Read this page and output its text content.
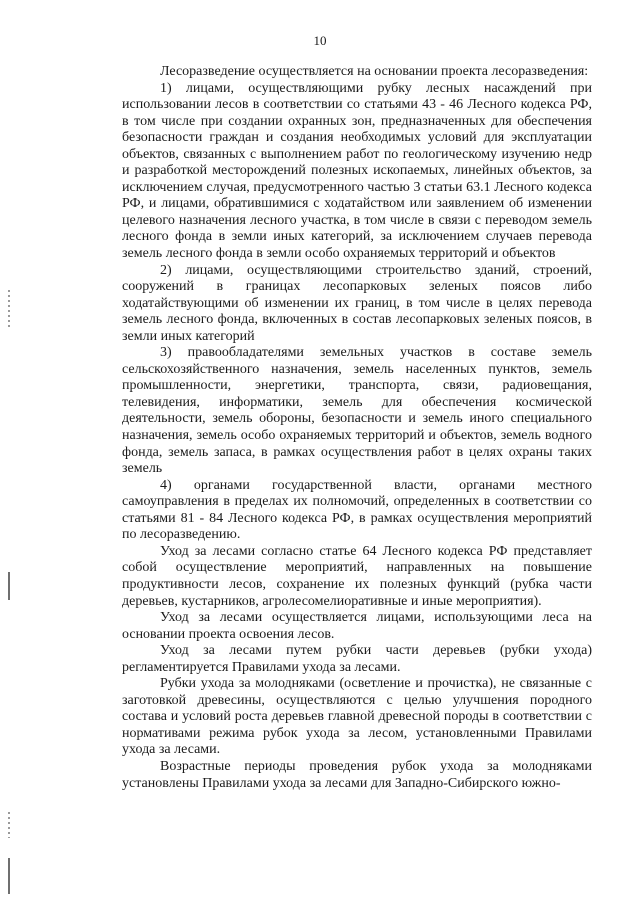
10

Лесоразведение осуществляется на основании проекта лесоразведения:

1) лицами, осуществляющими рубку лесных насаждений при использовании лесов в соответствии со статьями 43 - 46 Лесного кодекса РФ, в том числе при создании охранных зон, предназначенных для обеспечения безопасности граждан и создания необходимых условий для эксплуатации объектов, связанных с выполнением работ по геологическому изучению недр и разработкой месторождений полезных ископаемых, линейных объектов, за исключением случая, предусмотренного частью 3 статьи 63.1 Лесного кодекса РФ, и лицами, обратившимися с ходатайством или заявлением об изменении целевого назначения лесного участка, в том числе в связи с переводом земель лесного фонда в земли иных категорий, за исключением случаев перевода земель лесного фонда в земли особо охраняемых территорий и объектов

2) лицами, осуществляющими строительство зданий, строений, сооружений в границах лесопарковых зеленых поясов либо ходатайствующими об изменении их границ, в том числе в целях перевода земель лесного фонда, включенных в состав лесопарковых зеленых поясов, в земли иных категорий

3) правообладателями земельных участков в составе земель сельскохозяйственного назначения, земель населенных пунктов, земель промышленности, энергетики, транспорта, связи, радиовещания, телевидения, информатики, земель для обеспечения космической деятельности, земель обороны, безопасности и земель иного специального назначения, земель особо охраняемых территорий и объектов, земель водного фонда, земель запаса, в рамках осуществления работ в целях охраны таких земель

4) органами государственной власти, органами местного самоуправления в пределах их полномочий, определенных в соответствии со статьями 81 - 84 Лесного кодекса РФ, в рамках осуществления мероприятий по лесоразведению.

Уход за лесами согласно статье 64 Лесного кодекса РФ представляет собой осуществление мероприятий, направленных на повышение продуктивности лесов, сохранение их полезных функций (рубка части деревьев, кустарников, агролесомелиоративные и иные мероприятия).

Уход за лесами осуществляется лицами, использующими леса на основании проекта освоения лесов.

Уход за лесами путем рубки части деревьев (рубки ухода) регламентируется Правилами ухода за лесами.

Рубки ухода за молодняками (осветление и прочистка), не связанные с заготовкой древесины, осуществляются с целью улучшения породного состава и условий роста деревьев главной древесной породы в соответствии с нормативами режима рубок ухода за лесом, установленными Правилами ухода за лесами.

Возрастные периоды проведения рубок ухода за молодняками установлены Правилами ухода за лесами для Западно-Сибирского южно-
